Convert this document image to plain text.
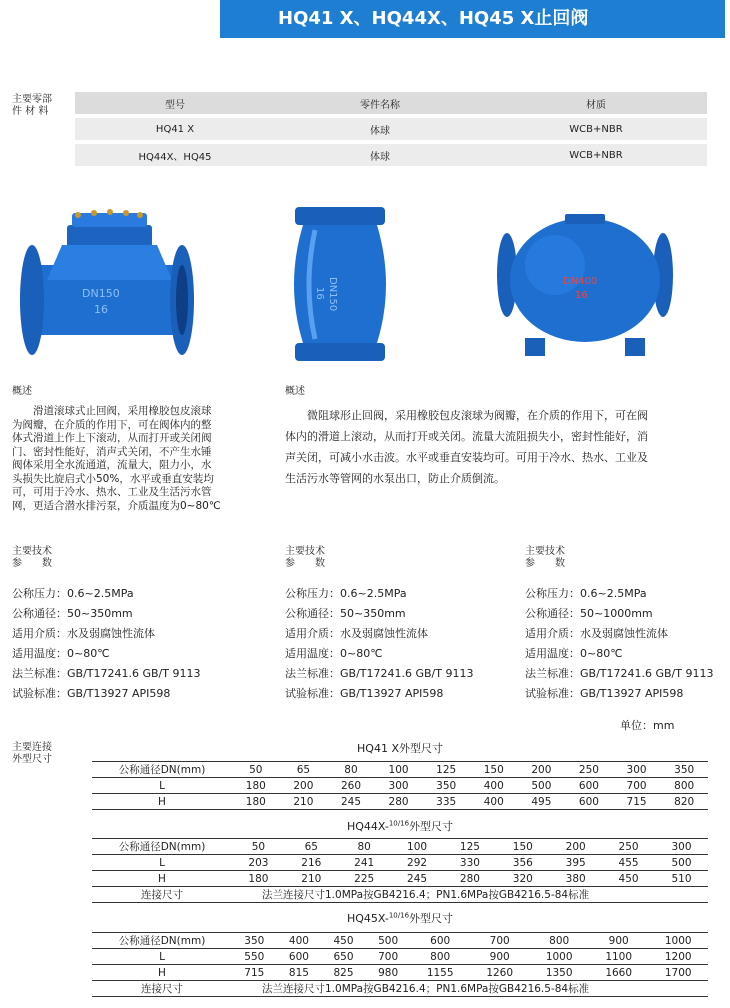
HQ41 X、HQ44X、HQ45 X止回阀
主要零部
件 材 料
型号	零件名称	材质
HQ41 X	体球	WCB+NBR
HQ44X、HQ45	体球	WCB+NBR
DN150
16	DN150
16
DN400
16
概述
　　滑道滚球式止回阀，采用橡胶包皮滚球
为阀瓣，在介质的作用下，可在阀体内的整
体式滑道上作上下滚动，从而打开或关闭阀
门、密封性能好，消声式关闭，不产生水锤
阀体采用全水流通道，流量大，阻力小，水
头损失比旋启式小50%，水平或垂直安装均
可，可用于冷水、热水、工业及生活污水管
网，更适合潜水排污泵，介质温度为0~80℃
概述
　　微阻球形止回阀，采用橡胶包皮滚球为阀瓣，在介质的作用下，可在阀
体内的滑道上滚动，从而打开或关闭。流量大流阻损失小，密封性能好，消
声关闭，可减小水击波。水平或垂直安装均可。可用于冷水、热水、工业及
生活污水等管网的水泵出口，防止介质倒流。
主要技术
参　　数
公称压力：0.6~2.5MPa
公称通径：50~350mm
适用介质：水及弱腐蚀性流体
适用温度：0~80℃
法兰标准：GB/T17241.6 GB/T 9113
试验标准：GB/T13927 API598
主要技术
参　　数
公称压力：0.6~2.5MPa
公称通径：50~350mm
适用介质：水及弱腐蚀性流体
适用温度：0~80℃
法兰标准：GB/T17241.6 GB/T 9113
试验标准：GB/T13927 API598
主要技术
参　　数
公称压力：0.6~2.5MPa
公称通径：50~1000mm
适用介质：水及弱腐蚀性流体
适用温度：0~80℃
法兰标准：GB/T17241.6 GB/T 9113
试验标准：GB/T13927 API598
单位：mm
主要连接
外型尺寸
HQ41 X外型尺寸
公称通径DN(mm)	50	65	80	100	125	150	200	250	300	350
L	180	200	260	300	350	400	500	600	700	800
H	180	210	245	280	335	400	495	600	715	820
HQ44X-$^{10/16}$外型尺寸
公称通径DN(mm)	50	65	80	100	125	150	200	250	300
L	203	216	241	292	330	356	395	455	500
H	180	210	225	245	280	320	380	450	510
连接尺寸	法兰连接尺寸1.0MPa按GB4216.4；PN1.6MPa按GB4216.5-84标准								
HQ45X-$^{10/16}$外型尺寸
公称通径DN(mm)	350	400	450	500	600	700	800	900	1000
L	550	600	650	700	800	900	1000	1100	1200
H	715	815	825	980	1155	1260	1350	1660	1700
连接尺寸	法兰连接尺寸1.0MPa按GB4216.4；PN1.6MPa按GB4216.5-84标准								
